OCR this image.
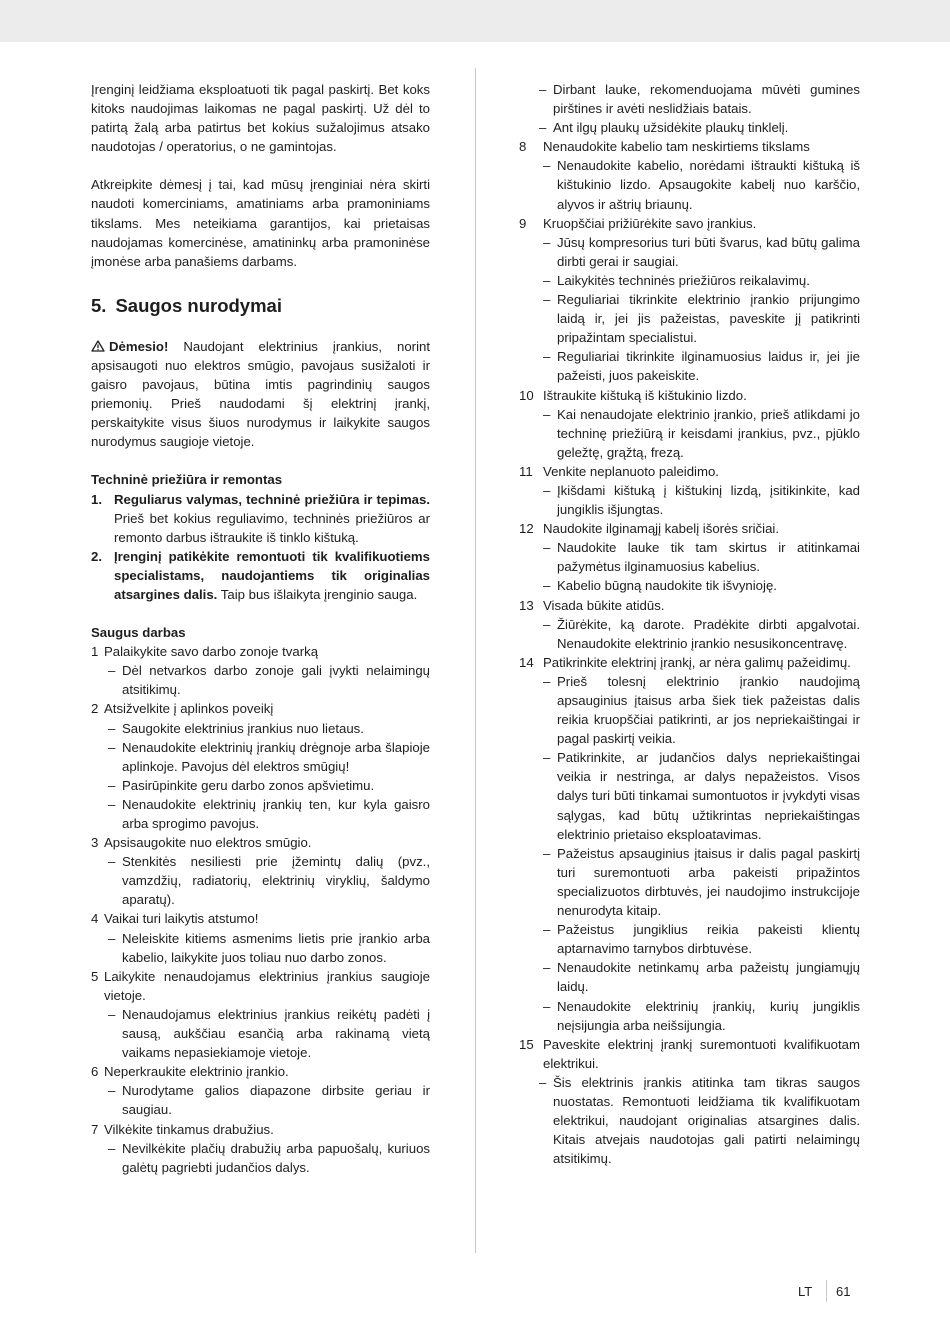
Įrenginį leidžiama eksploatuoti tik pagal paskirtį. Bet koks kitoks naudojimas laikomas ne pagal paskirtį. Už dėl to patirtą žalą arba patirtus bet kokius sužalojimus atsako naudotojas / operatorius, o ne gamintojas.

Atkreipkite dėmesį į tai, kad mūsų įrenginiai nėra skirti naudoti komerciniams, amatiniams arba pramoniniams tikslams. Mes neteikiama garantijos, kai prietaisas naudojamas komercinėse, amatininkų arba pramoninėse įmonėse arba panašiems darbams.

5. Saugos nurodymai

Dėmesio! Naudojant elektrinius įrankius, norint apsisaugoti nuo elektros smūgio, pavojaus susižaloti ir gaisro pavojaus, būtina imtis pagrindinių saugos priemonių. Prieš naudodami šį elektrinį įrankį, perskaitykite visus šiuos nurodymus ir laikykite saugos nurodymus saugioje vietoje.

Techninė priežiūra ir remontas

1. Reguliarus valymas, techninė priežiūra ir tepimas. Prieš bet kokius reguliavimo, techninės priežiūros ar remonto darbus ištraukite iš tinklo kištuką.
2. Įrenginį patikėkite remontuoti tik kvalifikuotiems specialistams, naudojantiems tik originalias atsargines dalis. Taip bus išlaikyta įrenginio sauga.

Saugus darbas

1 Palaikykite savo darbo zonoje tvarką
– Dėl netvarkos darbo zonoje gali įvykti nelaimingų atsitikimų.
2 Atsižvelkite į aplinkos poveikį
– Saugokite elektrinius įrankius nuo lietaus.
– Nenaudokite elektrinių įrankių drėgnoje arba šlapioje aplinkoje. Pavojus dėl elektros smūgių!
– Pasirūpinkite geru darbo zonos apšvietimu.
– Nenaudokite elektrinių įrankių ten, kur kyla gaisro arba sprogimo pavojus.
3 Apsisaugokite nuo elektros smūgio.
– Stenkitės nesiliesti prie įžemintų dalių (pvz., vamzdžių, radiatorių, elektrinių viryklių, šaldymo aparatų).
4 Vaikai turi laikytis atstumo!
– Neleiskite kitiems asmenims lietis prie įrankio arba kabelio, laikykite juos toliau nuo darbo zonos.
5 Laikykite nenaudojamus elektrinius įrankius saugioje vietoje.
– Nenaudojamus elektrinius įrankius reikėtų padėti į sausą, aukščiau esančią arba rakinamą vietą vaikams nepasiekiamoje vietoje.
6 Neperkraukite elektrinio įrankio.
– Nurodytame galios diapazone dirbsite geriau ir saugiau.
7 Vilkėkite tinkamus drabužius.
– Nevilkėkite plačių drabužių arba papuošalų, kuriuos galėtų pagriebti judančios dalys.
– Dirbant lauke, rekomenduojama mūvėti gumines pirštines ir avėti neslidžiais batais.
– Ant ilgų plaukų užsidėkite plaukų tinklelį.
8	Nenaudokite kabelio tam neskirtiems tikslams
– Nenaudokite kabelio, norėdami ištraukti kištuką iš kištukinio lizdo. Apsaugokite kabelį nuo karščio, alyvos ir aštrių briaunų.
9	Kruopščiai prižiūrėkite savo įrankius.
– Jūsų kompresorius turi būti švarus, kad būtų galima dirbti gerai ir saugiai.
– Laikykitės techninės priežiūros reikalavimų.
– Reguliariai tikrinkite elektrinio įrankio prijungimo laidą ir, jei jis pažeistas, paveskite jį patikrinti pripažintam specialistui.
– Reguliariai tikrinkite ilginamuosius laidus ir, jei jie pažeisti, juos pakeiskite.
10 Ištraukite kištuką iš kištukinio lizdo.
– Kai nenaudojate elektrinio įrankio, prieš atlikdami jo techninę priežiūrą ir keisdami įrankius, pvz., pjūklo geležtę, grąžtą, frezą.
11 Venkite neplanuoto paleidimo.
– Įkišdami kištuką į kištukinį lizdą, įsitikinkite, kad jungiklis išjungtas.
12 Naudokite ilginamąjį kabelį išorės sričiai.
– Naudokite lauke tik tam skirtus ir atitinkamai pažymėtus ilginamuosius kabelius.
– Kabelio būgną naudokite tik išvynioję.
13 Visada būkite atidūs.
– Žiūrėkite, ką darote. Pradėkite dirbti apgalvotai. Nenaudokite elektrinio įrankio nesusikoncentravę.
14 Patikrinkite elektrinį įrankį, ar nėra galimų pažeidimų.
– Prieš tolesnį elektrinio įrankio naudojimą apsauginius įtaisus arba šiek tiek pažeistas dalis reikia kruopščiai patikrinti, ar jos nepriekaištingai ir pagal paskirtį veikia.
– Patikrinkite, ar judančios dalys nepriekaištingai veikia ir nestringa, ar dalys nepažeistos. Visos dalys turi būti tinkamai sumontuotos ir įvykdyti visas sąlygas, kad būtų užtikrintas nepriekaištingas elektrinio prietaiso eksploatavimas.
– Pažeistus apsauginius įtaisus ir dalis pagal paskirtį turi suremontuoti arba pakeisti pripažintos specializuotos dirbtuvės, jei naudojimo instrukcijoje nenurodyta kitaip.
– Pažeistus jungiklius reikia pakeisti klientų aptarnavimo tarnybos dirbtuvėse.
– Nenaudokite netinkamų arba pažeistų jungiamųjų laidų.
– Nenaudokite elektrinių įrankių, kurių jungiklis neįsijungia arba neišsijungia.
15 Paveskite elektrinį įrankį suremontuoti kvalifikuotam elektrikui.
– Šis elektrinis įrankis atitinka tam tikras saugos nuostatas. Remontuoti leidžiama tik kvalifikuotam elektrikui, naudojant originalias atsargines dalis. Kitais atvejais naudotojas gali patirti nelaimingų atsitikimų.
LT 61
